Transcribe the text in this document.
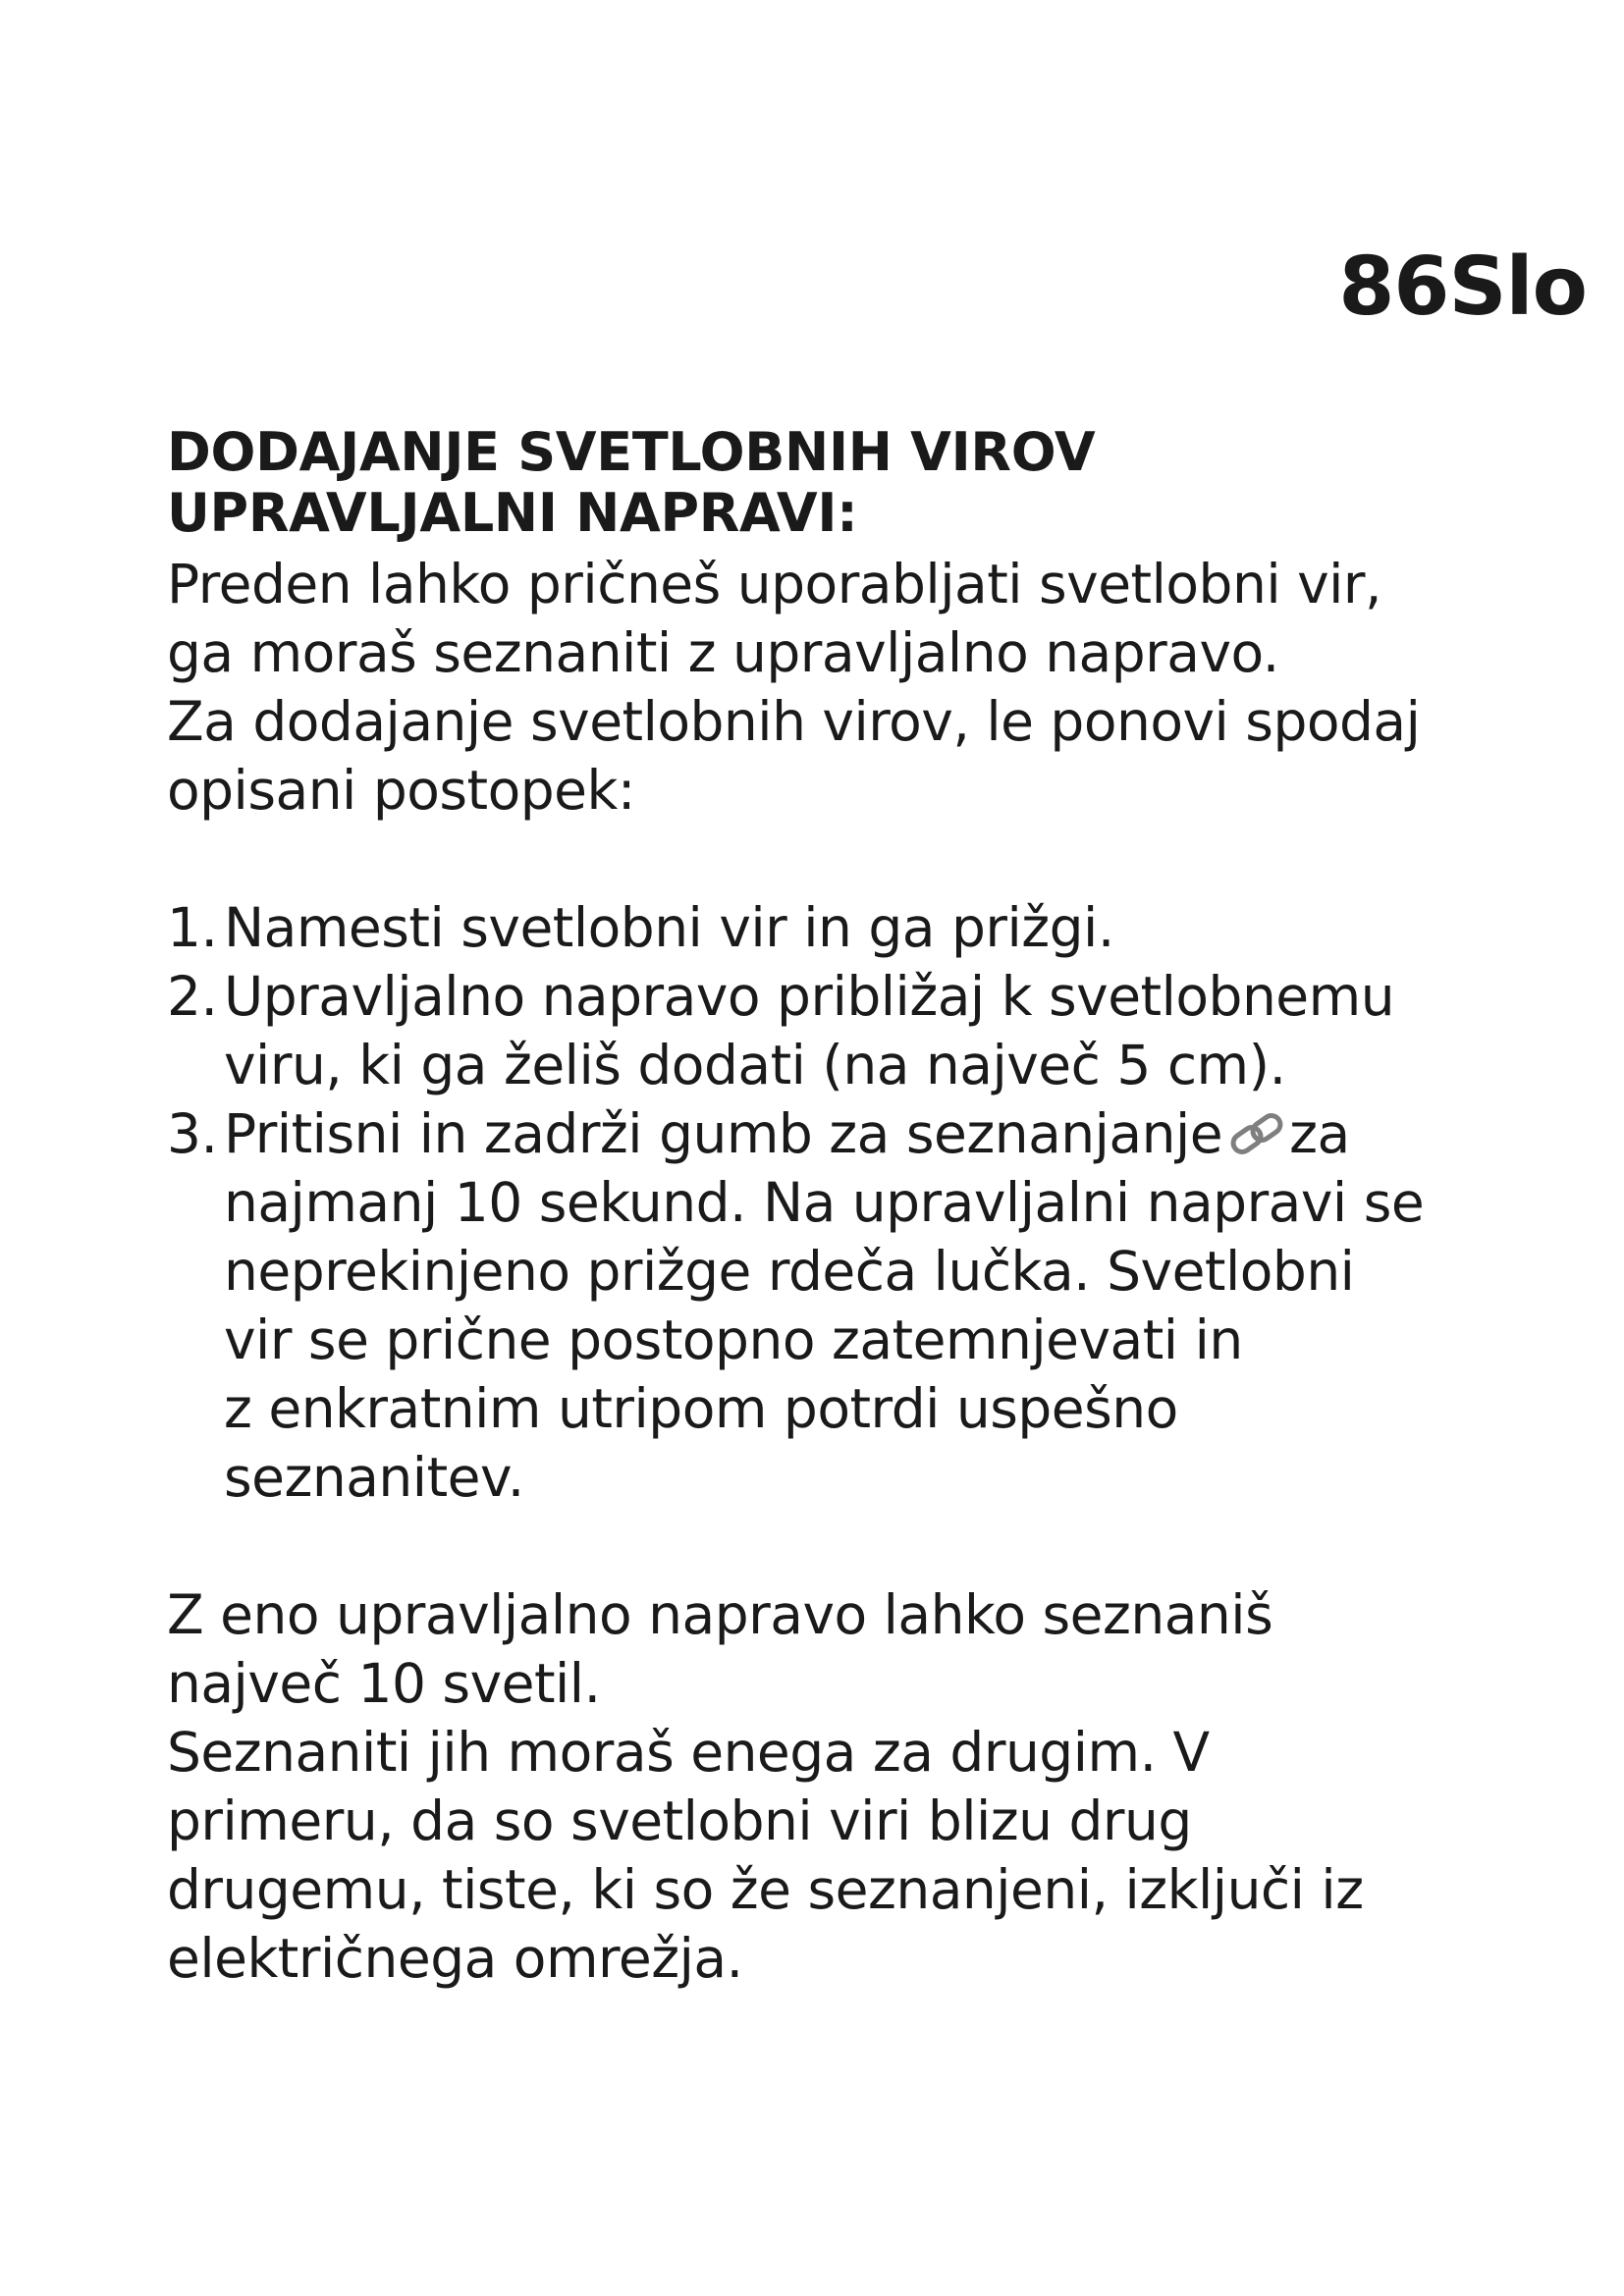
86Slo
DODAJANJE SVETLOBNIH VIROV
UPRAVLJALNI NAPRAVI:

Preden lahko pričneš uporabljati svetlobni vir,
ga moraš seznaniti z upravljalno napravo.
Za dodajanje svetlobnih virov, le ponovi spodaj
opisani postopek:

1. Namesti svetlobni vir in ga prižgi.
2. Upravljalno napravo približaj k svetlobnemu
viru, ki ga želiš dodati (na največ 5 cm).
3. Pritisni in zadrži gumb za seznanjanje za
najmanj 10 sekund. Na upravljalni napravi se
neprekinjeno prižge rdeča lučka. Svetlobni
vir se prične postopno zatemnjevati in
z enkratnim utripom potrdi uspešno
seznanitev.

Z eno upravljalno napravo lahko seznaniš
največ 10 svetil.
Seznaniti jih moraš enega za drugim. V
primeru, da so svetlobni viri blizu drug
drugemu, tiste, ki so že seznanjeni, izključi iz
električnega omrežja.
